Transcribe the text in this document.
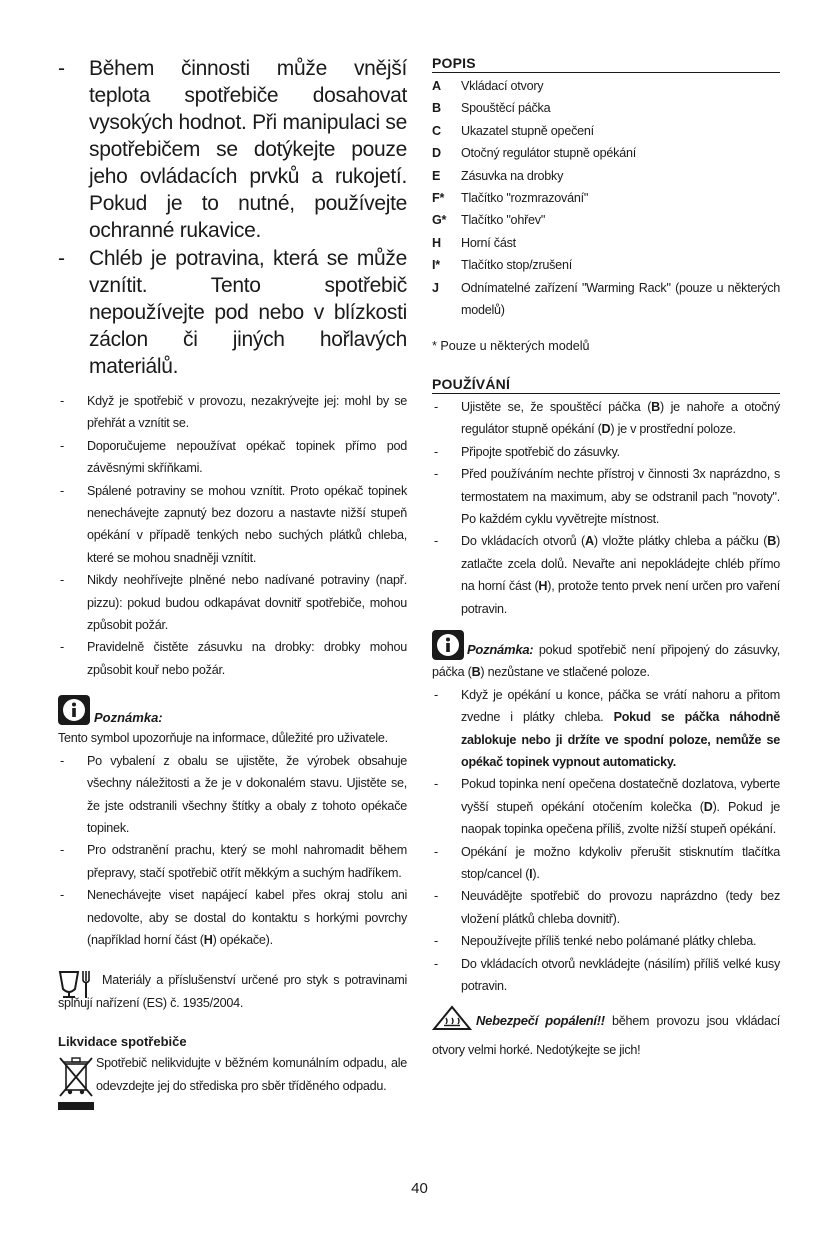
- Během činnosti může vnější teplota spotřebiče dosahovat vysokých hodnot. Při manipulaci se spotřebičem se dotýkejte pouze jeho ovládacích prvků a rukojetí. Pokud je to nutné, používejte ochranné rukavice.
- Chléb je potravina, která se může vznítit. Tento spotřebič nepoužívejte pod nebo v blízkosti záclon či jiných hořlavých materiálů.
- Když je spotřebič v provozu, nezakrývejte jej: mohl by se přehřát a vznítit se.
- Doporučujeme nepoužívat opékač topinek přímo pod závěsnými skříňkami.
- Spálené potraviny se mohou vznítit. Proto opékač topinek nenechávejte zapnutý bez dozoru a nastavte nižší stupeň opékání v případě tenkých nebo suchých plátků chleba, které se mohou snadněji vznítit.
- Nikdy neohřívejte plněné nebo nadívané potraviny (např. pizzu): pokud budou odkapávat dovnitř spotřebiče, mohou způsobit požár.
- Pravidelně čistěte zásuvku na drobky: drobky mohou způsobit kouř nebo požár.
Poznámka:

Tento symbol upozorňuje na informace, důležité pro uživatele.

- Po vybalení z obalu se ujistěte, že výrobek obsahuje všechny náležitosti a že je v dokonalém stavu. Ujistěte se, že jste odstranili všechny štítky a obaly z tohoto opékače topinek.
- Pro odstranění prachu, který se mohl nahromadit během přepravy, stačí spotřebič otřít měkkým a suchým hadříkem.
- Nenechávejte viset napájecí kabel přes okraj stolu ani nedovolte, aby se dostal do kontaktu s horkými povrchy (například horní část (H) opékače).

Materiály a příslušenství určené pro styk s potravinami splňují nařízení (ES) č. 1935/2004.

Likvidace spotřebiče

Spotřebič nelikvidujte v běžném komunálním odpadu, ale odevzdejte jej do střediska pro sběr tříděného odpadu.

POPIS
A Vkládací otvory
B Spouštěcí páčka
C Ukazatel stupně opečení
D Otočný regulátor stupně opékání
E Zásuvka na drobky
F* Tlačítko "rozmrazování"
G* Tlačítko "ohřev"
H Horní část
I* Tlačítko stop/zrušení
J Odnímatelné zařízení "Warming Rack" (pouze u některých modelů)
* Pouze u některých modelů
POUŽÍVÁNÍ
- Ujistěte se, že spouštěcí páčka (B) je nahoře a otočný regulátor stupně opékání (D) je v prostřední poloze.
- Připojte spotřebič do zásuvky.
- Před používáním nechte přístroj v činnosti 3x naprázdno, s termostatem na maximum, aby se odstranil pach "novoty". Po každém cyklu vyvětrejte místnost.
- Do vkládacích otvorů (A) vložte plátky chleba a páčku (B) zatlačte zcela dolů. Nevařte ani nepokládejte chléb přímo na horní část (H), protože tento prvek není určen pro vaření potravin.

Poznámka: pokud spotřebič není připojený do zásuvky, páčka (B) nezůstane ve stlačené poloze.

- Když je opékání u konce, páčka se vrátí nahoru a přitom zvedne i plátky chleba. Pokud se páčka náhodně zablokuje nebo ji držíte ve spodní poloze, nemůže se opékač topinek vypnout automaticky.
- Pokud topinka není opečena dostatečně dozlatova, vyberte vyšší stupeň opékání otočením kolečka (D). Pokud je naopak topinka opečena příliš, zvolte nižší stupeň opékání.
- Opékání je možno kdykoliv přerušit stisknutím tlačítka stop/cancel (I).
- Neuvádějte spotřebič do provozu naprázdno (tedy bez vložení plátků chleba dovnitř).
- Nepoužívejte příliš tenké nebo polámané plátky chleba.
- Do vkládacích otvorů nevkládejte (násilím) příliš velké kusy potravin.

Nebezpečí popálení!! během provozu jsou vkládací otvory velmi horké. Nedotýkejte se jich!

40
